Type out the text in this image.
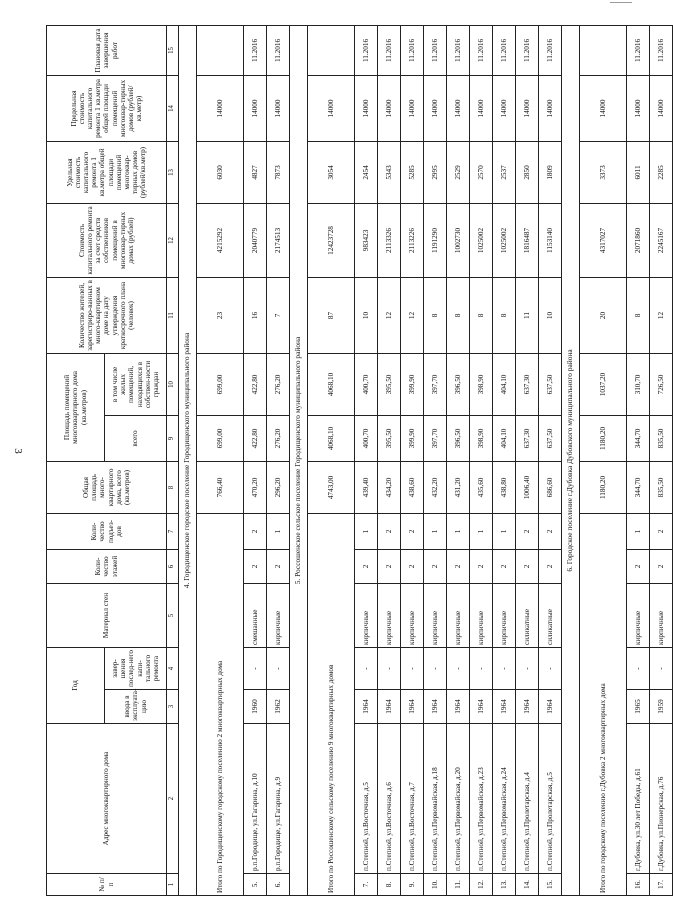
3
№ п/п	Адрес многоквартирного дома	Год		Материал стен	Коли-чество этажей	Коли-чество подъез-дов	Общая площадь много-квартирного дома, всего (кв.метров)	Площадь помещений многоквартирного дома (кв.метров)		Количество жителей, зарегистриро-ванных в много-квартирном доме на дату утверждения краткосрочного плана (человек)	Стоимость капитального ремонта за счет средств собственников помещений в многоквар-тирных домах (рублей)	Удельная стоимость капитального ремонта 1 кв.метра общей площади помещений многоквар-тирных домов (рублей/кв.метр)	Предельная стоимость капитального ремонта 1 кв.метра общей площади помещений многоквар-тирных домов (рублей/кв.метр)	Плановая дата завершения работ
		ввода в эксплуата-цию	завер-шения послед-него капи-тального ремонта					всего	в том числе жилых помещений, находящихся в собствен-ности граждан					
1	2	3	4	5	6	7	8	9	10	11	12	13	14	15
4. Городищенское городское поселение Городищенского муниципального района														
Итого по Городищенскому городскому поселению 2 многоквартирных дома							766,40	699,00	699,00	23	4215292	6030	14000	
5.	р.п.Городище, ул.Гагарина, д.10	1960	-	смешанные	2	2	470,20	422,80	422,80	16	2040779	4827	14000	11.2016
6.	р.п.Городище, ул.Гагарина, д.9	1962	-	кирпичные	2	1	296,20	276,20	276,20	7	2174513	7873	14000	11.2016
5. Россошенское сельское поселение Городищенского муниципального района														
Итого по Россошенскому сельскому поселению 9 многоквартирных домов							4743,00	4068,10	4068,10	87	12423728	3054	14000	
7.	п.Степной, ул.Восточная, д.5	1964	-	кирпичные	2	1	439,40	400,70	400,70	10	983423	2454	14000	11.2016
8.	п.Степной, ул.Восточная, д.6	1964	-	кирпичные	2	2	434,20	395,50	395,50	12	2113326	5343	14000	11.2016
9.	п.Степной, ул.Восточная, д.7	1964	-	кирпичные	2	2	438,60	399,90	399,90	12	2113226	5285	14000	11.2016
10.	п.Степной, ул.Первомайская, д.18	1964	-	кирпичные	2	1	432,20	397,70	397,70	8	1191290	2995	14000	11.2016
11.	п.Степной, ул.Первомайская, д.20	1964	-	кирпичные	2	1	431,20	396,50	396,50	8	1002730	2529	14000	11.2016
12.	п.Степной, ул.Первомайская, д.23	1964	-	кирпичные	2	1	435,60	398,90	398,90	8	1025002	2570	14000	11.2016
13.	п.Степной, ул.Первомайская, д.24	1964	-	кирпичные	2	1	438,80	404,10	404,10	8	1025002	2537	14000	11.2016
14.	п.Степной, ул.Пролетарская, д.4	1964	-	силикатные	2	2	1006,40	637,30	637,30	11	1816487	2850	14000	11.2016
15.	п.Степной, ул.Пролетарская, д.5	1964	-	силикатные	2	2	686,60	637,50	637,50	10	1153140	1809	14000	11.2016
6. Городское поселение г.Дубовка Дубовского муниципального района														
Итого по городскому поселению г.Дубовка 2 многоквартирных дома							1180,20	1180,20	1037,20	20	4317027	3373	14000	
16.	г.Дубовка, ул.30 лет Победы, д.61	1965	-	кирпичные	2	1	344,70	344,70	310,70	8	2071860	6011	14000	11.2016
17.	г.Дубовка, ул.Пионерская, д.76	1959	-	кирпичные	2	2	835,50	835,50	726,50	12	2245167	2285	14000	11.2016
